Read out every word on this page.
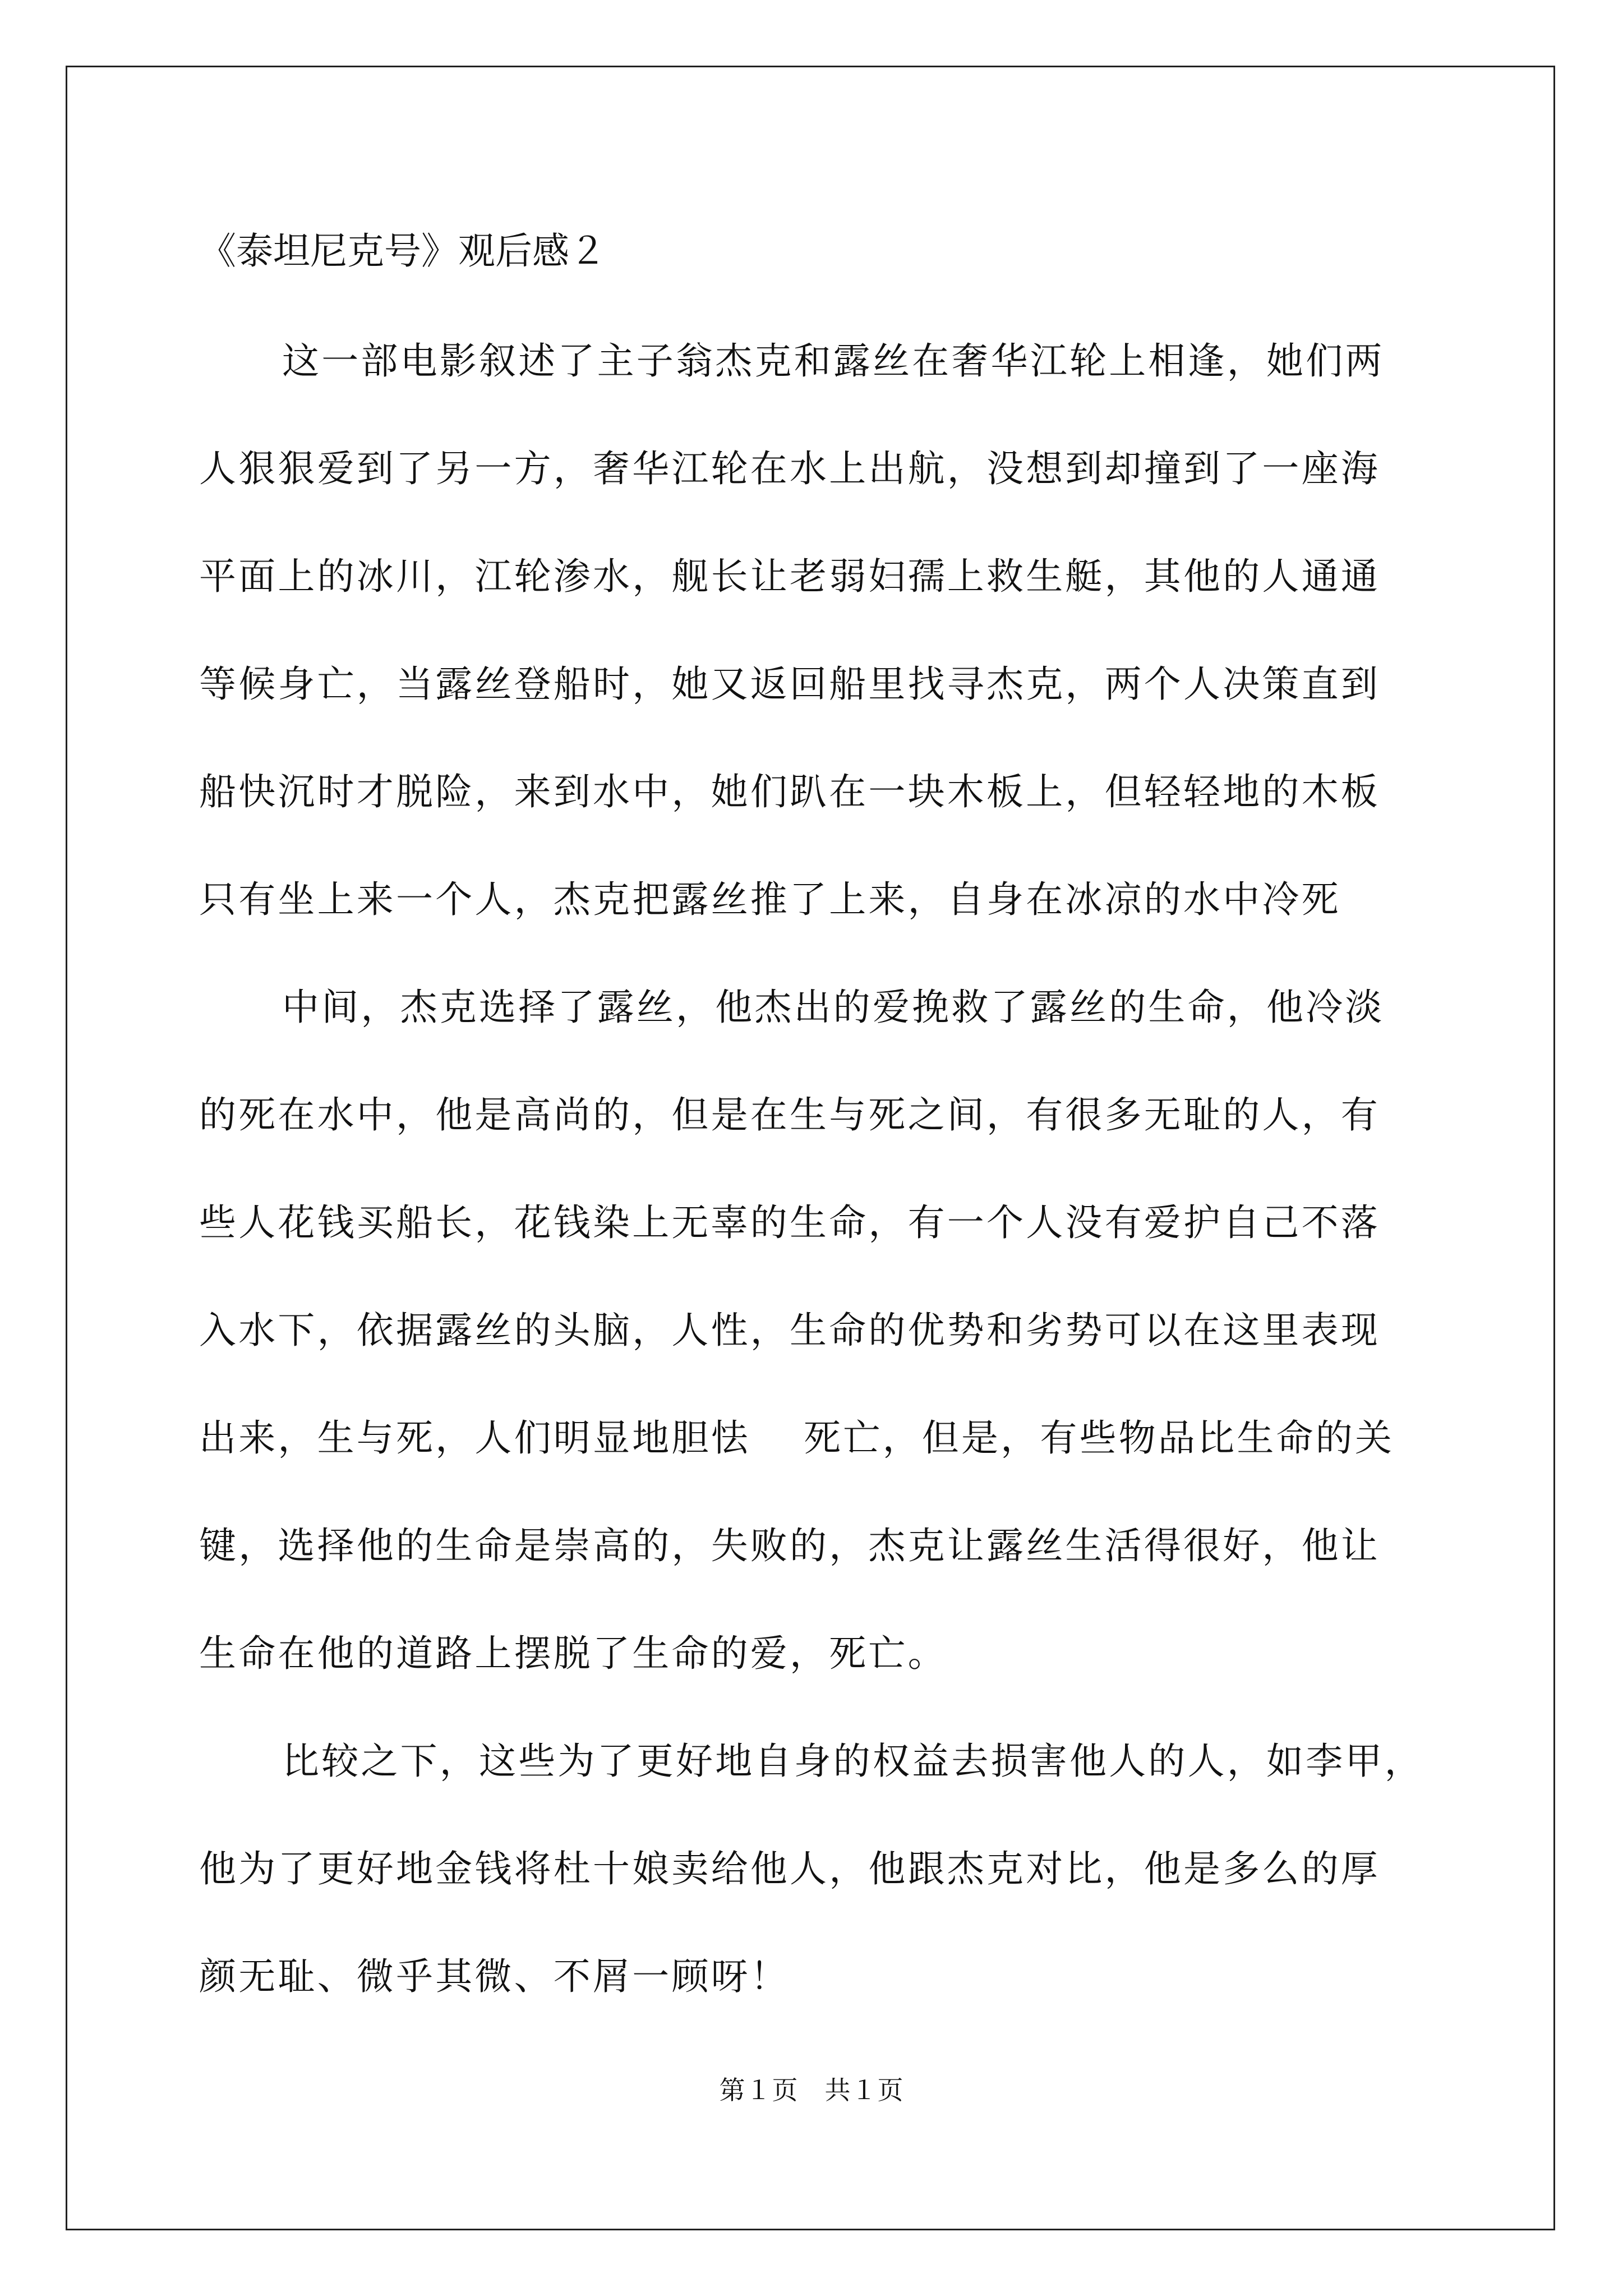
《泰坦尼克号》观后感２

这一部电影叙述了主子翁杰克和露丝在奢华江轮上相逢，她们两
人狠狠爱到了另一方，奢华江轮在水上出航，没想到却撞到了一座海
平面上的冰川，江轮渗水，舰长让老弱妇孺上救生艇，其他的人通通
等候身亡，当露丝登船时，她又返回船里找寻杰克，两个人决策直到
船快沉时才脱险，来到水中，她们趴在一块木板上，但轻轻地的木板
只有坐上来一个人，杰克把露丝推了上来，自身在冰凉的水中冷死

中间，杰克选择了露丝，他杰出的爱挽救了露丝的生命，他冷淡
的死在水中，他是高尚的，但是在生与死之间，有很多无耻的人，有
些人花钱买船长，花钱染上无辜的生命，有一个人没有爱护自己不落
入水下，依据露丝的头脑，人性，生命的优势和劣势可以在这里表现
出来，生与死，人们明显地胆怯　 死亡，但是，有些物品比生命的关
键，选择他的生命是崇高的，失败的，杰克让露丝生活得很好，他让
生命在他的道路上摆脱了生命的爱，死亡。

比较之下，这些为了更好地自身的权益去损害他人的人，如李甲，
他为了更好地金钱将杜十娘卖给他人，他跟杰克对比，他是多么的厚
颜无耻、微乎其微、不屑一顾呀！

第１页　共１页
